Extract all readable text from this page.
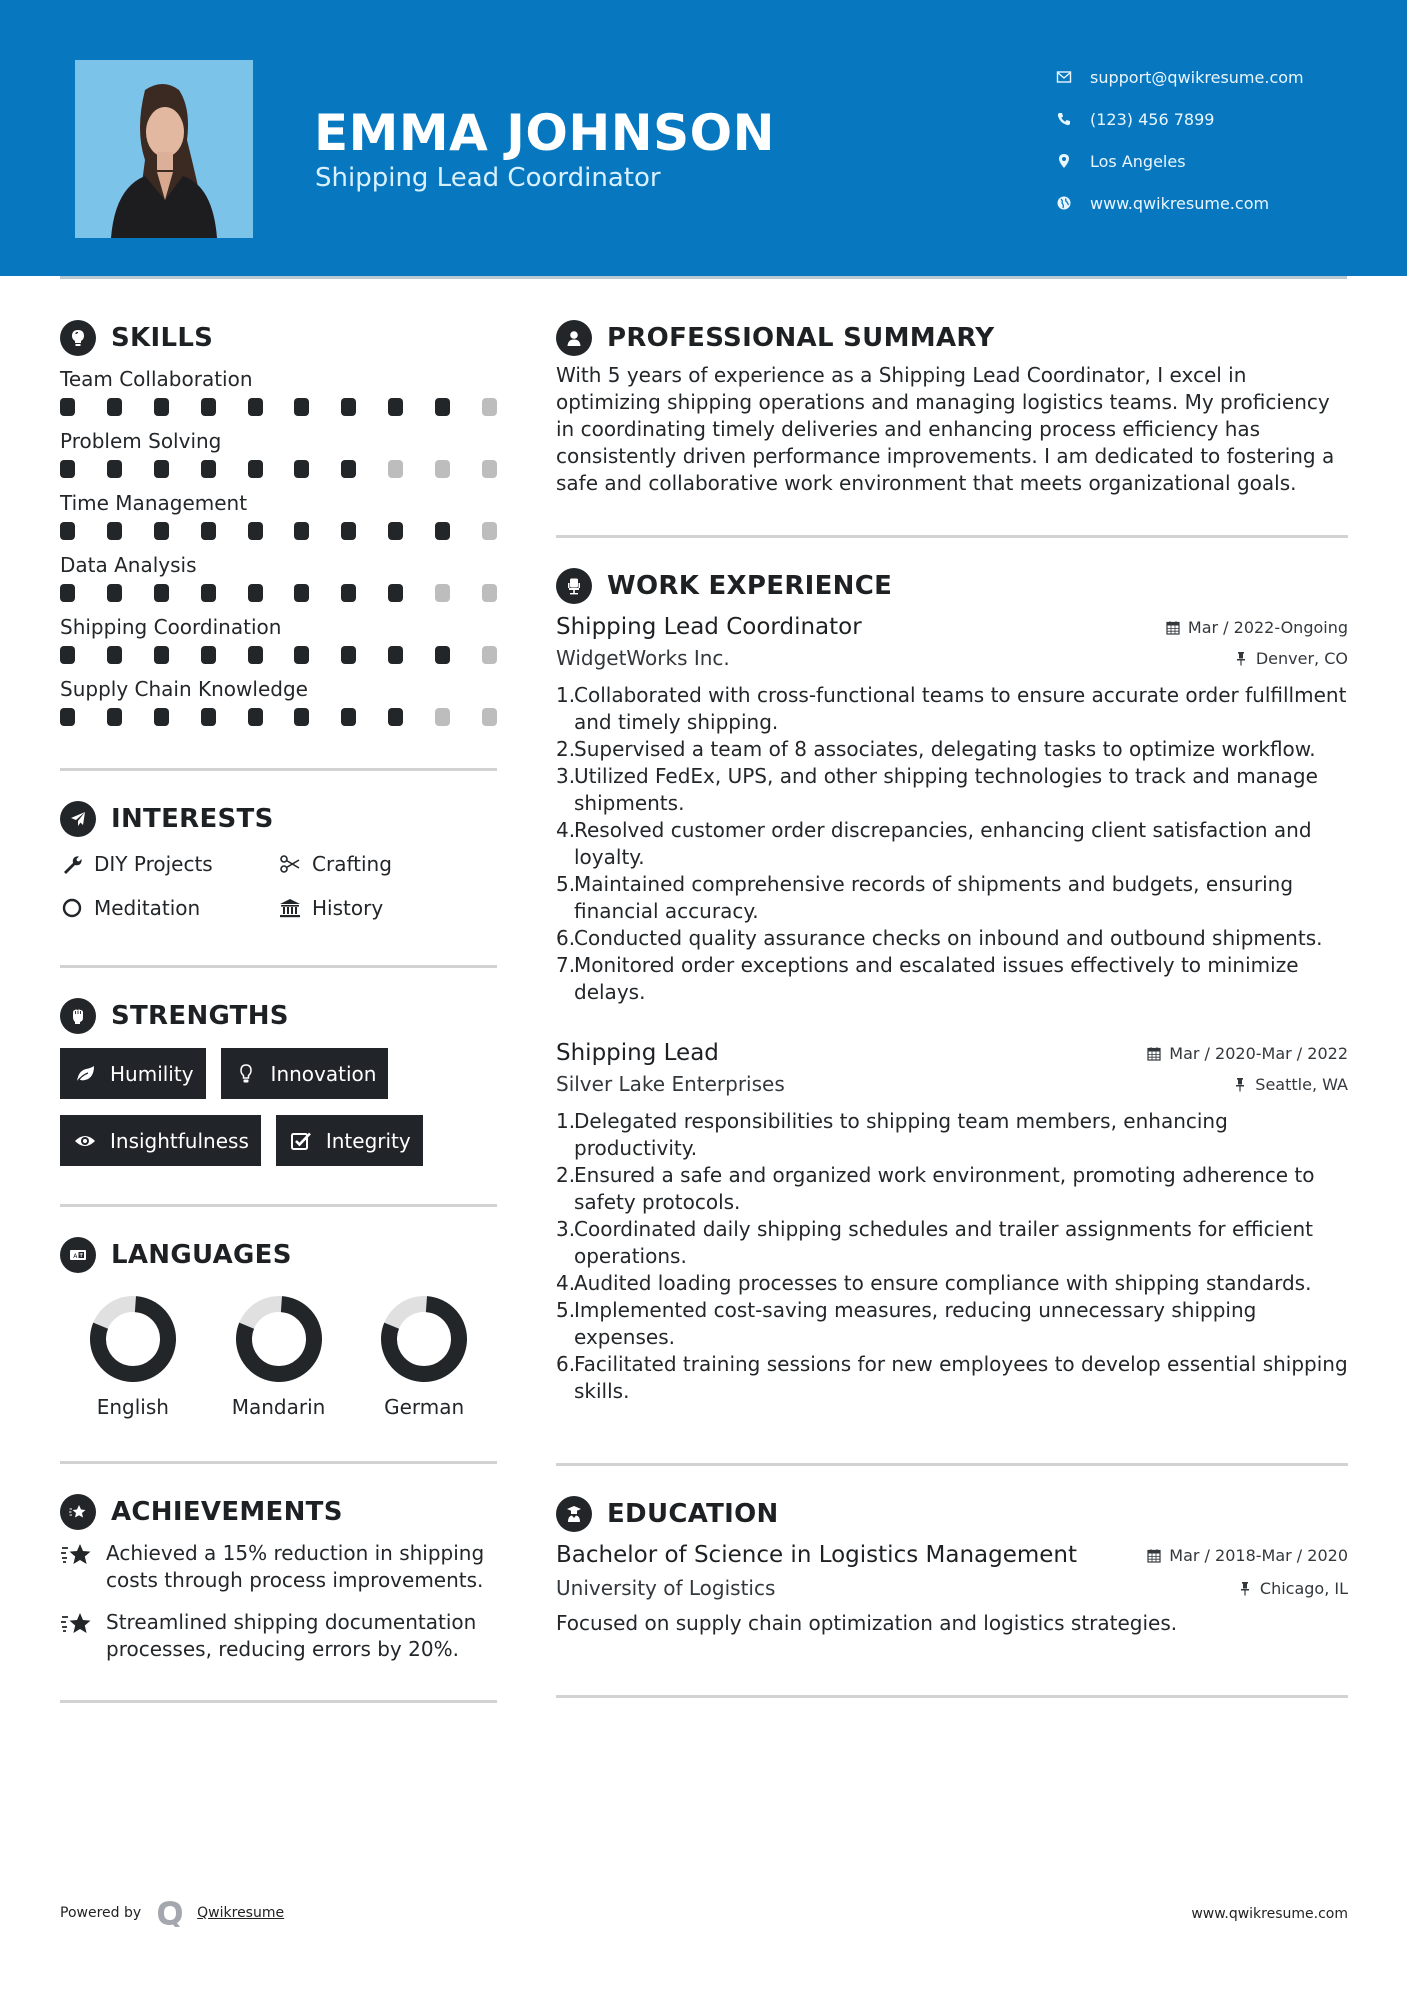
EMMA JOHNSON
Shipping Lead Coordinator
support@qwikresume.com
(123) 456 7899
Los Angeles
www.qwikresume.com
SKILLS
Team Collaboration
Problem Solving
Time Management
Data Analysis
Shipping Coordination
Supply Chain Knowledge
INTERESTS
DIY Projects	Crafting
Meditation	History
STRENGTHS
Humility	Innovation
Insightfulness	Integrity
A LANGUAGES
English	Mandarin	German
ACHIEVEMENTS
Achieved a 15% reduction in shipping costs through process improvements.
Streamlined shipping documentation processes, reducing errors by 20%.
PROFESSIONAL SUMMARY

With 5 years of experience as a Shipping Lead Coordinator, I excel in optimizing shipping operations and managing logistics teams. My proficiency in coordinating timely deliveries and enhancing process efficiency has consistently driven performance improvements. I am dedicated to fostering a safe and collaborative work environment that meets organizational goals.

WORK EXPERIENCE
Shipping Lead Coordinator	Mar / 2022-Ongoing
WidgetWorks Inc.	Denver, CO
1.
Collaborated with cross-functional teams to ensure accurate order fulfillment and timely shipping.
2.
Supervised a team of 8 associates, delegating tasks to optimize workflow.
3.
Utilized FedEx, UPS, and other shipping technologies to track and manage shipments.
4.
Resolved customer order discrepancies, enhancing client satisfaction and loyalty.
5.
Maintained comprehensive records of shipments and budgets, ensuring financial accuracy.
6.
Conducted quality assurance checks on inbound and outbound shipments.
7.
Monitored order exceptions and escalated issues effectively to minimize delays.
Shipping Lead	Mar / 2020-Mar / 2022
Silver Lake Enterprises	Seattle, WA
1.
Delegated responsibilities to shipping team members, enhancing productivity.
2.
Ensured a safe and organized work environment, promoting adherence to safety protocols.
3.
Coordinated daily shipping schedules and trailer assignments for efficient operations.
4.
Audited loading processes to ensure compliance with shipping standards.
5.
Implemented cost-saving measures, reducing unnecessary shipping expenses.
6.
Facilitated training sessions for new employees to develop essential shipping skills.
EDUCATION
Bachelor of Science in Logistics Management	Mar / 2018-Mar / 2020
University of Logistics	Chicago, IL

Focused on supply chain optimization and logistics strategies.

Powered by	Qwikresume	www.qwikresume.com
